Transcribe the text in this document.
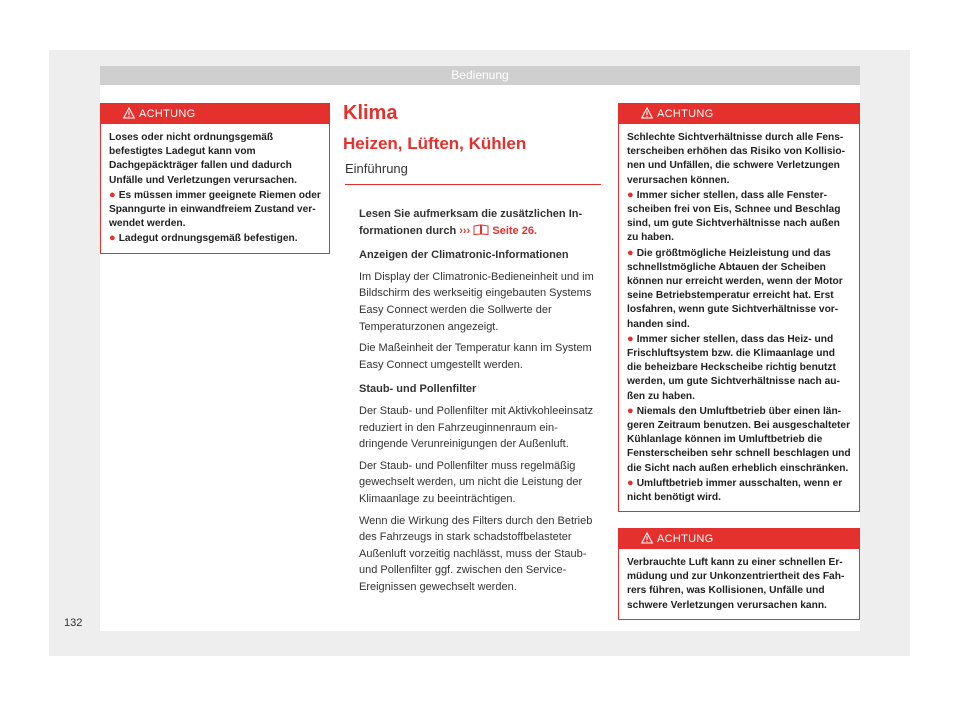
Bedienung
ACHTUNG

Loses oder nicht ordnungsgemäß befestigtes Ladegut kann vom Dachgepäckträger fallen und dadurch Unfälle und Verletzungen verursachen.

● Es müssen immer geeignete Riemen oder Spanngurte in einwandfreiem Zustand verwendet werden.

● Ladegut ordnungsgemäß befestigen.

Klima
Heizen, Lüften, Kühlen
Einführung

Lesen Sie aufmerksam die zusätzlichen Informationen durch ››› Seite 26.

Anzeigen der Climatronic-Informationen

Im Display der Climatronic-Bedieneinheit und im Bildschirm des werkseitig eingebauten Systems Easy Connect werden die Sollwerte der Temperaturzonen angezeigt.

Die Maßeinheit der Temperatur kann im System Easy Connect umgestellt werden.

Staub- und Pollenfilter

Der Staub- und Pollenfilter mit Aktivkohleeinsatz reduziert in den Fahrzeuginnenraum eindringende Verunreinigungen der Außenluft.

Der Staub- und Pollenfilter muss regelmäßig gewechselt werden, um nicht die Leistung der Klimaanlage zu beeinträchtigen.

Wenn die Wirkung des Filters durch den Betrieb des Fahrzeugs in stark schadstoffbelasteter Außenluft vorzeitig nachlässt, muss der Staub- und Pollenfilter ggf. zwischen den Service-Ereignissen gewechselt werden.

ACHTUNG

Schlechte Sichtverhältnisse durch alle Fensterscheiben erhöhen das Risiko von Kollisionen und Unfällen, die schwere Verletzungen verursachen können.

● Immer sicher stellen, dass alle Fensterscheiben frei von Eis, Schnee und Beschlag sind, um gute Sichtverhältnisse nach außen zu haben.

● Die größtmögliche Heizleistung und das schnellstmögliche Abtauen der Scheiben können nur erreicht werden, wenn der Motor seine Betriebstemperatur erreicht hat. Erst losfahren, wenn gute Sichtverhältnisse vorhanden sind.

● Immer sicher stellen, dass das Heiz- und Frischluftsystem bzw. die Klimaanlage und die beheizbare Heckscheibe richtig benutzt werden, um gute Sichtverhältnisse nach außen zu haben.

● Niemals den Umluftbetrieb über einen längeren Zeitraum benutzen. Bei ausgeschalteter Kühlanlage können im Umluftbetrieb die Fensterscheiben sehr schnell beschlagen und die Sicht nach außen erheblich einschränken.

● Umluftbetrieb immer ausschalten, wenn er nicht benötigt wird.

ACHTUNG

Verbrauchte Luft kann zu einer schnellen Ermüdung und zur Unkonzentriertheit des Fahrers führen, was Kollisionen, Unfälle und schwere Verletzungen verursachen kann.

132
